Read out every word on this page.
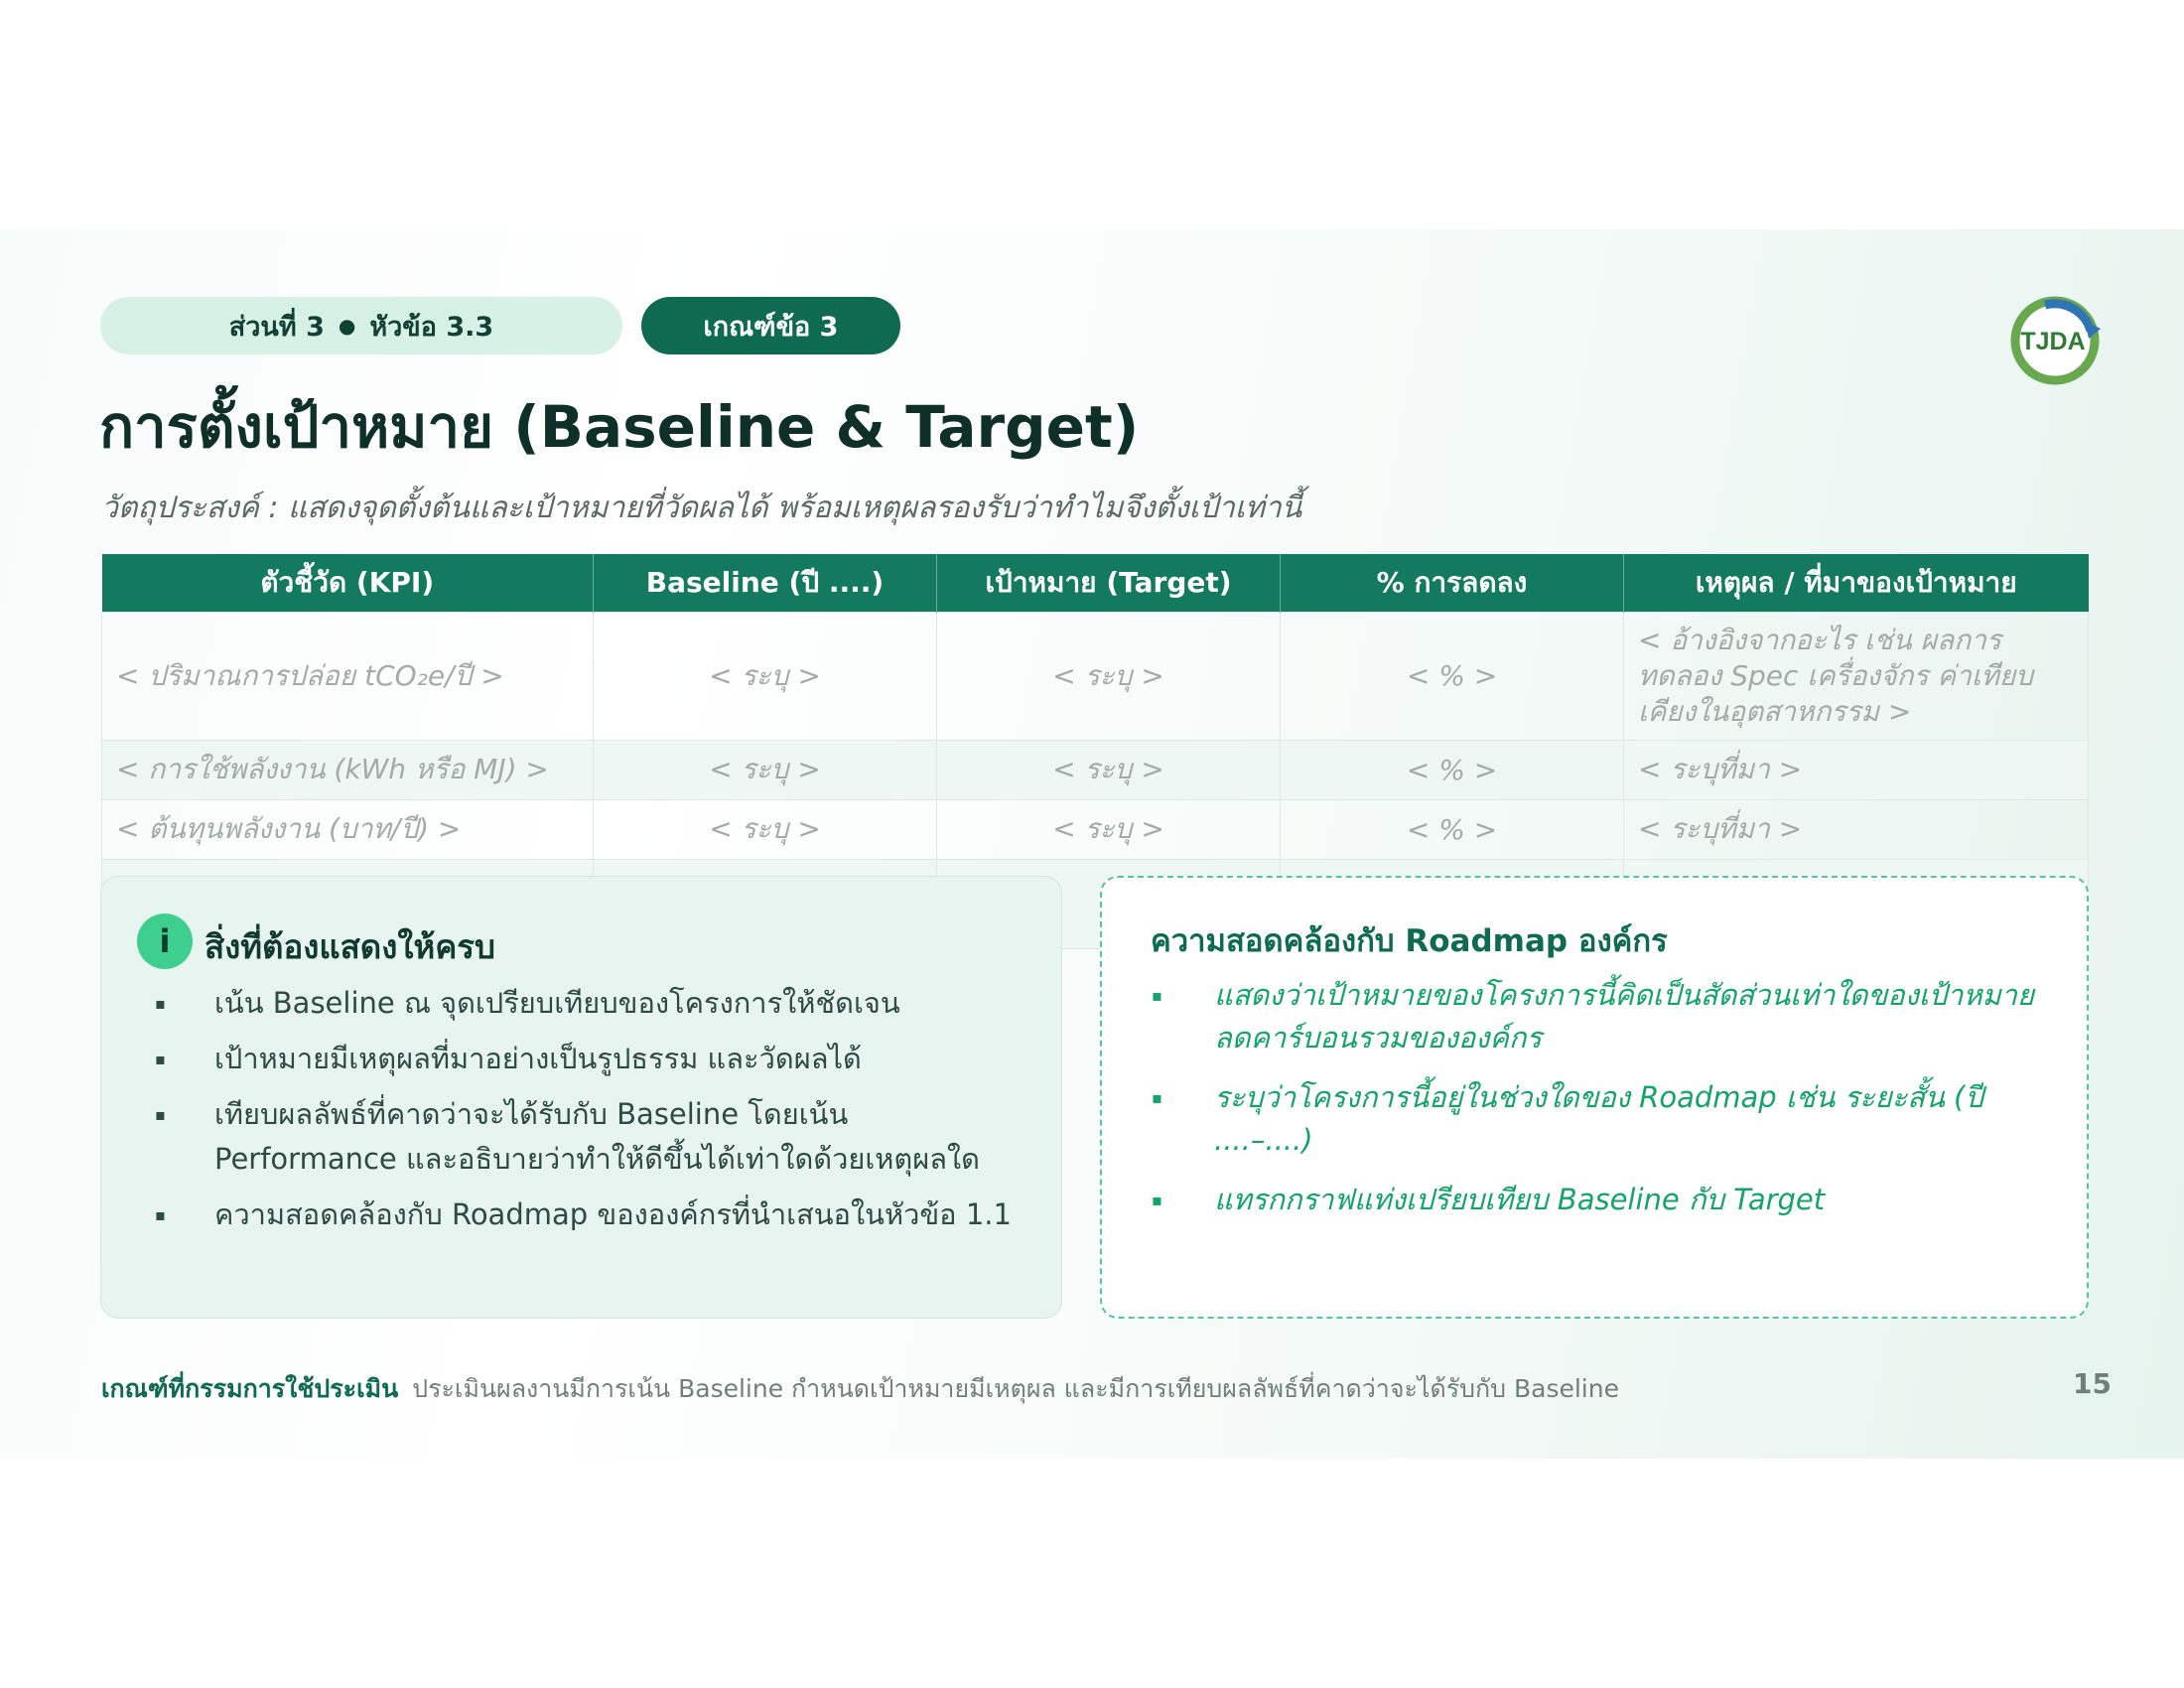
ส่วนที่ 3 ● หัวข้อ 3.3	เกณฑ์ข้อ 3	TJDA
การตั้งเป้าหมาย (Baseline & Target)
วัตถุประสงค์ : แสดงจุดตั้งต้นและเป้าหมายที่วัดผลได้ พร้อมเหตุผลรองรับว่าทำไมจึงตั้งเป้าเท่านี้
ตัวชี้วัด (KPI)	Baseline (ปี ....)	เป้าหมาย (Target)	% การลดลง	เหตุผล / ที่มาของเป้าหมาย
< ปริมาณการปล่อย tCO₂e/ปี >	< ระบุ >	< ระบุ >	< % >	< อ้างอิงจากอะไร เช่น ผลการทดลอง Spec เครื่องจักร ค่าเทียบเคียงในอุตสาหกรรม >
< การใช้พลังงาน (kWh หรือ MJ) >	< ระบุ >	< ระบุ >	< % >	< ระบุที่มา >
< ต้นทุนพลังงาน (บาท/ปี) >	< ระบุ >	< ระบุ >	< % >	< ระบุที่มา >

i	สิ่งที่ต้องแสดงให้ครบ
▪ เน้น Baseline ณ จุดเปรียบเทียบของโครงการให้ชัดเจน
▪ เป้าหมายมีเหตุผลที่มาอย่างเป็นรูปธรรม และวัดผลได้
▪ เทียบผลลัพธ์ที่คาดว่าจะได้รับกับ Baseline โดยเน้น Performance และอธิบายว่าทำให้ดีขึ้นได้เท่าใดด้วยเหตุผลใด
▪ ความสอดคล้องกับ Roadmap ขององค์กรที่นำเสนอในหัวข้อ 1.1
ความสอดคล้องกับ Roadmap องค์กร
▪ แสดงว่าเป้าหมายของโครงการนี้คิดเป็นสัดส่วนเท่าใดของเป้าหมายลดคาร์บอนรวมขององค์กร
▪ ระบุว่าโครงการนี้อยู่ในช่วงใดของ Roadmap เช่น ระยะสั้น (ปี ....–....)
▪ แทรกกราฟแท่งเปรียบเทียบ Baseline กับ Target
เกณฑ์ที่กรรมการใช้ประเมิน ประเมินผลงานมีการเน้น Baseline กำหนดเป้าหมายมีเหตุผล และมีการเทียบผลลัพธ์ที่คาดว่าจะได้รับกับ Baseline	15
